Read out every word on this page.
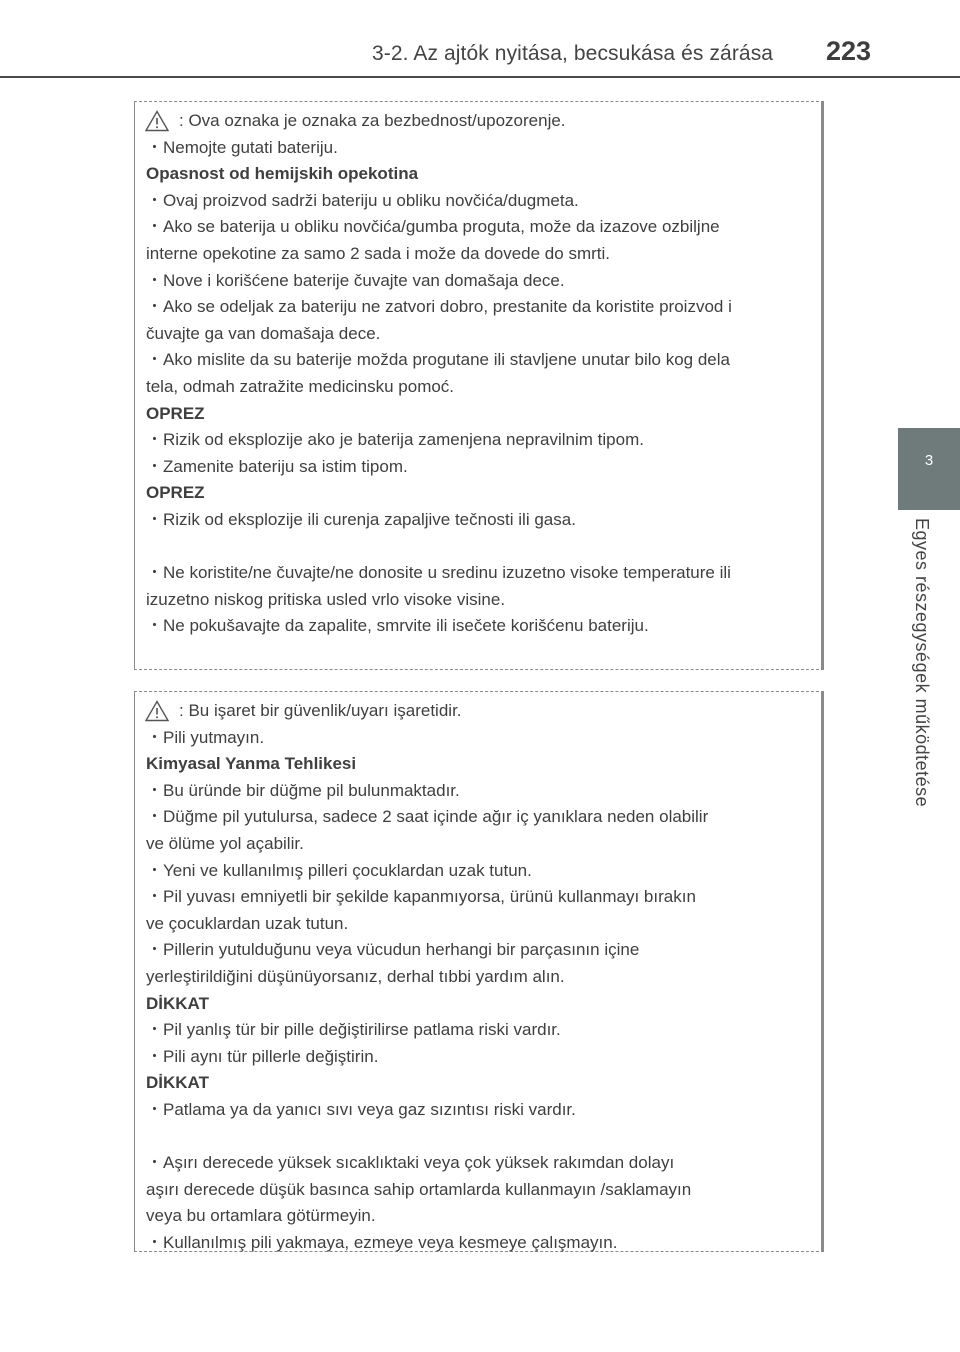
3-2. Az ajtók nyitása, becsukása és zárása 223
3
Egyes részegységek működtetése
: Ova oznaka je oznaka za bezbednost/upozorenje.
・Nemojte gutati bateriju.
Opasnost od hemijskih opekotina
・Ovaj proizvod sadrži bateriju u obliku novčića/dugmeta.
・Ako se baterija u obliku novčića/gumba proguta, može da izazove ozbiljne
interne opekotine za samo 2 sada i može da dovede do smrti.
・Nove i korišćene baterije čuvajte van domašaja dece.
・Ako se odeljak za bateriju ne zatvori dobro, prestanite da koristite proizvod i
čuvajte ga van domašaja dece.
・Ako mislite da su baterije možda progutane ili stavljene unutar bilo kog dela
tela, odmah zatražite medicinsku pomoć.
OPREZ
・Rizik od eksplozije ako je baterija zamenjena nepravilnim tipom.
・Zamenite bateriju sa istim tipom.
OPREZ
・Rizik od eksplozije ili curenja zapaljive tečnosti ili gasa.
・Ne koristite/ne čuvajte/ne donosite u sredinu izuzetno visoke temperature ili
izuzetno niskog pritiska usled vrlo visoke visine.
・Ne pokušavajte da zapalite, smrvite ili isečete korišćenu bateriju.
: Bu işaret bir güvenlik/uyarı işaretidir.
・Pili yutmayın.
Kimyasal Yanma Tehlikesi
・Bu üründe bir düğme pil bulunmaktadır.
・Düğme pil yutulursa, sadece 2 saat içinde ağır iç yanıklara neden olabilir
ve ölüme yol açabilir.
・Yeni ve kullanılmış pilleri çocuklardan uzak tutun.
・Pil yuvası emniyetli bir şekilde kapanmıyorsa, ürünü kullanmayı bırakın
ve çocuklardan uzak tutun.
・Pillerin yutulduğunu veya vücudun herhangi bir parçasının içine
yerleştirildiğini düşünüyorsanız, derhal tıbbi yardım alın.
DİKKAT
・Pil yanlış tür bir pille değiştirilirse patlama riski vardır.
・Pili aynı tür pillerle değiştirin.
DİKKAT
・Patlama ya da yanıcı sıvı veya gaz sızıntısı riski vardır.
・Aşırı derecede yüksek sıcaklıktaki veya çok yüksek rakımdan dolayı
aşırı derecede düşük basınca sahip ortamlarda kullanmayın /saklamayın
veya bu ortamlara götürmeyin.
・Kullanılmış pili yakmaya, ezmeye veya kesmeye çalışmayın.
